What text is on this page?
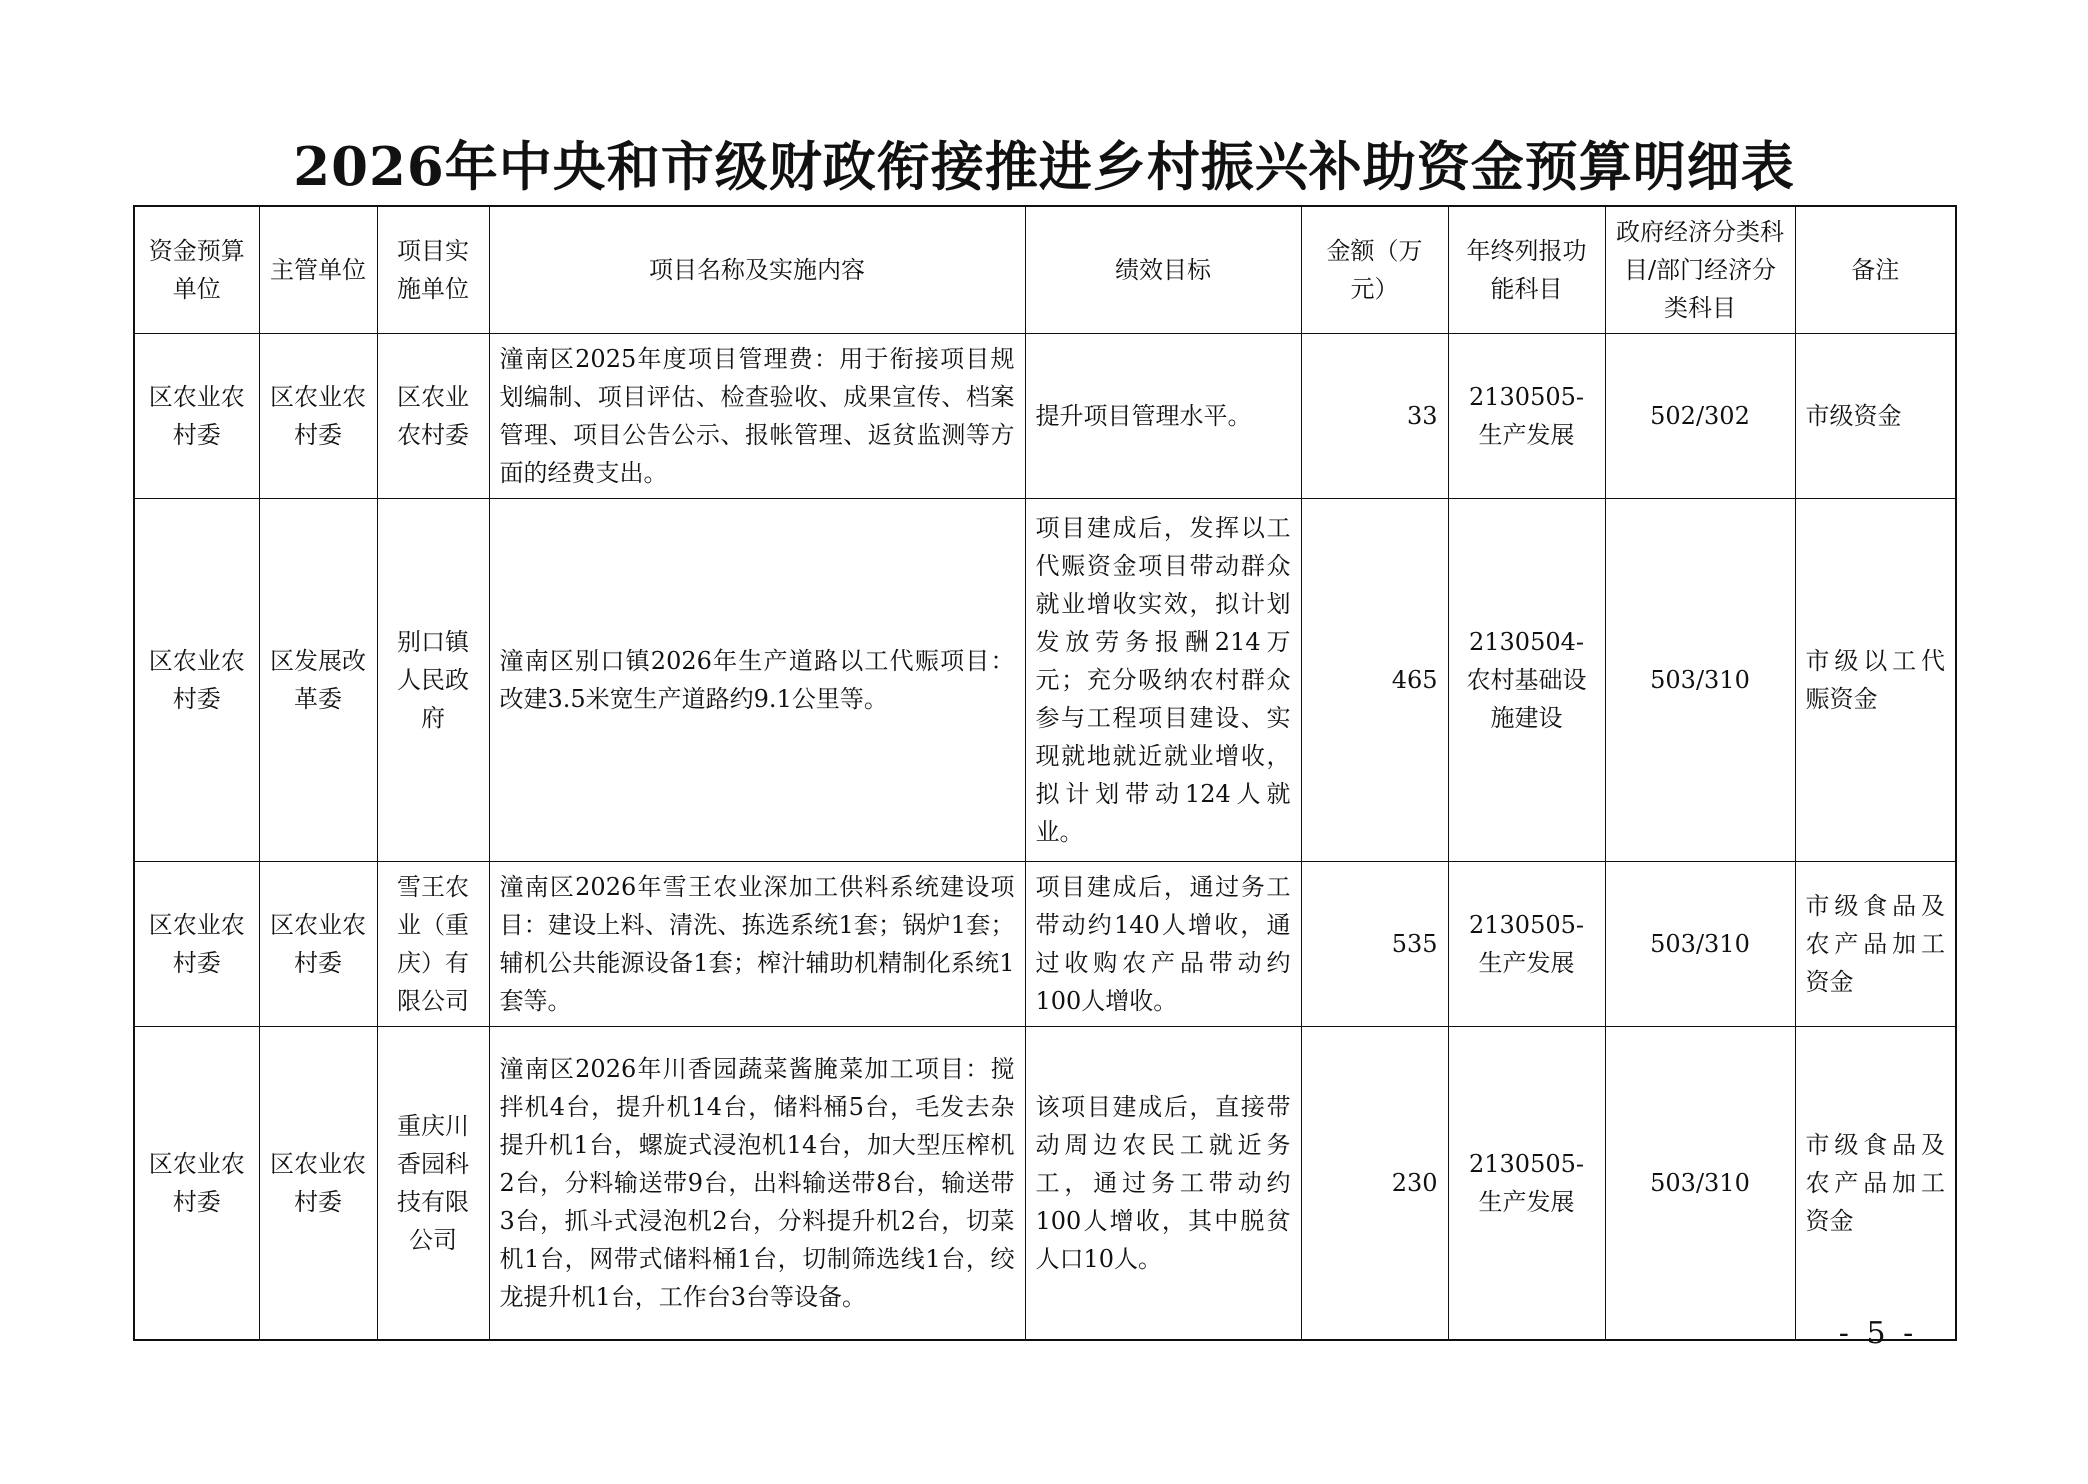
2026年中央和市级财政衔接推进乡村振兴补助资金预算明细表
资金预算单位	主管单位	项目实施单位	项目名称及实施内容	绩效目标	金额（万元）	年终列报功能科目	政府经济分类科目/部门经济分类科目	备注
区农业农村委	区农业农村委	区农业农村委	潼南区2025年度项目管理费：用于衔接项目规划编制、项目评估、检查验收、成果宣传、档案管理、项目公告公示、报帐管理、返贫监测等方面的经费支出。	提升项目管理水平。	33	2130505-生产发展	502/302	市级资金
区农业农村委	区发展改革委	别口镇人民政府	潼南区别口镇2026年生产道路以工代赈项目：改建3.5米宽生产道路约9.1公里等。	项目建成后，发挥以工代赈资金项目带动群众就业增收实效，拟计划发放劳务报酬214万元；充分吸纳农村群众参与工程项目建设、实现就地就近就业增收，拟计划带动124人就业。	465	2130504-农村基础设施建设	503/310	市级以工代赈资金
区农业农村委	区农业农村委	雪王农业（重庆）有限公司	潼南区2026年雪王农业深加工供料系统建设项目：建设上料、清洗、拣选系统1套；锅炉1套；辅机公共能源设备1套；榨汁辅助机精制化系统1套等。	项目建成后，通过务工带动约140人增收，通过收购农产品带动约100人增收。	535	2130505-生产发展	503/310	市级食品及农产品加工资金
区农业农村委	区农业农村委	重庆川香园科技有限公司	潼南区2026年川香园蔬菜酱腌菜加工项目：搅拌机4台，提升机14台，储料桶5台，毛发去杂提升机1台，螺旋式浸泡机14台，加大型压榨机2台，分料输送带9台，出料输送带8台，输送带3台，抓斗式浸泡机2台，分料提升机2台，切菜机1台，网带式储料桶1台，切制筛选线1台，绞龙提升机1台，工作台3台等设备。	该项目建成后，直接带动周边农民工就近务工，通过务工带动约100人增收，其中脱贫人口10人。	230	2130505-生产发展	503/310	市级食品及农产品加工资金
- 5 -
